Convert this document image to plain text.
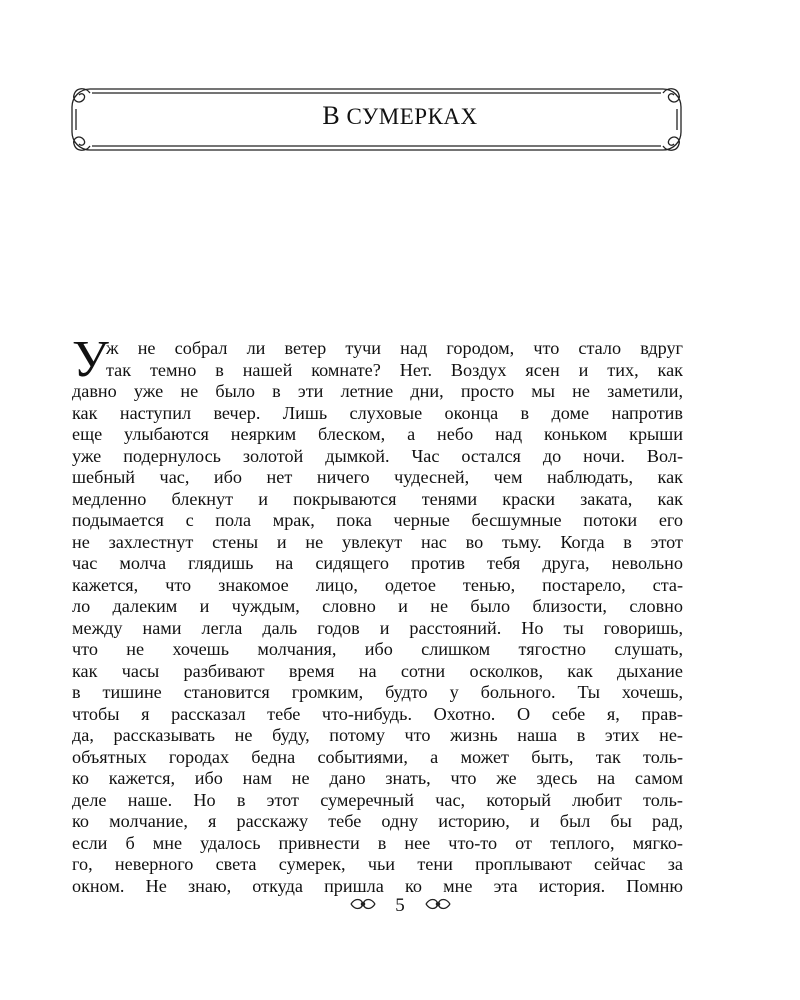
В СУМЕРКАХ
У
ж не собрал ли ветер тучи над городом, что стало вдруг
так темно в нашей комнате? Нет. Воздух ясен и тих, как
давно уже не было в эти летние дни, просто мы не заметили,
как наступил вечер. Лишь слуховые оконца в доме напротив
еще улыбаются неярким блеском, а небо над коньком крыши
уже подернулось золотой дымкой. Час остался до ночи. Вол-
шебный час, ибо нет ничего чудесней, чем наблюдать, как
медленно блекнут и покрываются тенями краски заката, как
подымается с пола мрак, пока черные бесшумные потоки его
не захлестнут стены и не увлекут нас во тьму. Когда в этот
час молча глядишь на сидящего против тебя друга, невольно
кажется, что знакомое лицо, одетое тенью, постарело, ста-
ло далеким и чуждым, словно и не было близости, словно
между нами легла даль годов и расстояний. Но ты говоришь,
что не хочешь молчания, ибо слишком тягостно слушать,
как часы разбивают время на сотни осколков, как дыхание
в тишине становится громким, будто у больного. Ты хочешь,
чтобы я рассказал тебе что-нибудь. Охотно. О себе я, прав-
да, рассказывать не буду, потому что жизнь наша в этих не-
объятных городах бедна событиями, а может быть, так толь-
ко кажется, ибо нам не дано знать, что же здесь на самом
деле наше. Но в этот сумеречный час, который любит толь-
ко молчание, я расскажу тебе одну историю, и был бы рад,
если б мне удалось привнести в нее что-то от теплого, мягко-
го, неверного света сумерек, чьи тени проплывают сейчас за
окном. Не знаю, откуда пришла ко мне эта история. Помню
5
